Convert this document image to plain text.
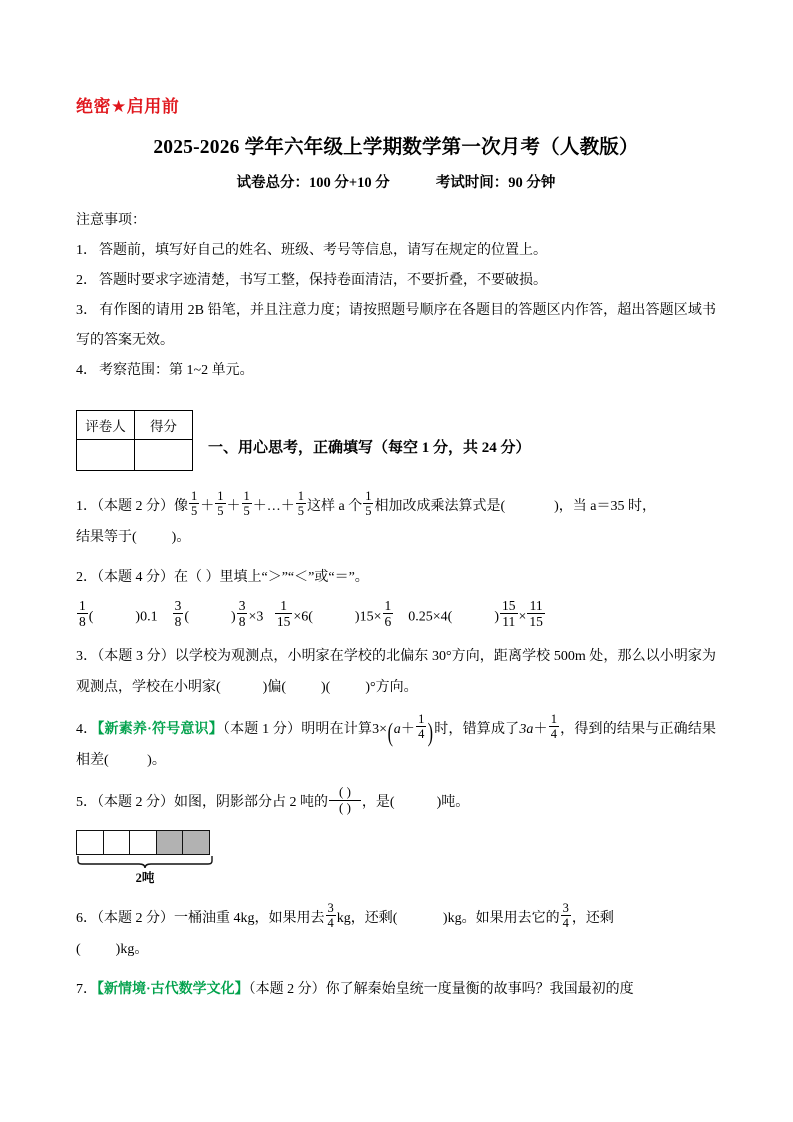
绝密★启用前
2025-2026 学年六年级上学期数学第一次月考（人教版）
试卷总分：100 分+10 分	考试时间：90 分钟
注意事项：

1． 答题前，填写好自己的姓名、班级、考号等信息，请写在规定的位置上。

2． 答题时要求字迹清楚，书写工整，保持卷面清洁，不要折叠，不要破损。

3． 有作图的请用 2B 铅笔，并且注意力度；请按照题号顺序在各题目的答题区内作答，超出答题区域书写的答案无效。

4． 考察范围：第 1~2 单元。

评卷人	得分

一、用心思考，正确填写（每空 1 分，共 24 分）

1．（本题 2 分）像 $\frac{1}{5} + \frac{1}{5} + \frac{1}{5}$ ＋…＋ $\frac{1}{5}$ 这样 a 个 $\frac{1}{5}$ 相加改成乘法算式是(	)，当 a＝35 时，
结果等于(	)。

2．（本题 4 分）在（ ）里填上“＞”“＜”或“＝”。

$\frac{1}{8}$ (	)$0.1 \frac{3}{8}$ (	) $\frac{3}{8} \times 3 \frac{1}{15} \times 6$(	)$15\times \frac{1}{6} 0.25\times 4$(	) $\frac{15}{11} \times \frac{11}{15}$

3．（本题 3 分）以学校为观测点，小明家在学校的北偏东 30°方向，距离学校 500m 处，那么以小明家为观测点，学校在小明家(	)偏(	)(	)°方向。

4．【新素养·符号意识】（本题 1 分）明明在计算$3\times(a+ \frac{1}{4}$ )时，错算成了$3a+ \frac{1}{4}$ ，得到的结果与正确结果相差(	)。

5．（本题 2 分）如图，阴影部分占 2 吨的 $\frac{( )}{( )}$ ，是(	)吨。

2吨

6．（本题 2 分）一桶油重 4kg，如果用去 $\frac{3}{4}$ kg，还剩(	)kg。如果用去它的 $\frac{3}{4}$ ，还剩
(	)kg。

7．【新情境·古代数学文化】（本题 2 分）你了解秦始皇统一度量衡的故事吗？我国最初的度
